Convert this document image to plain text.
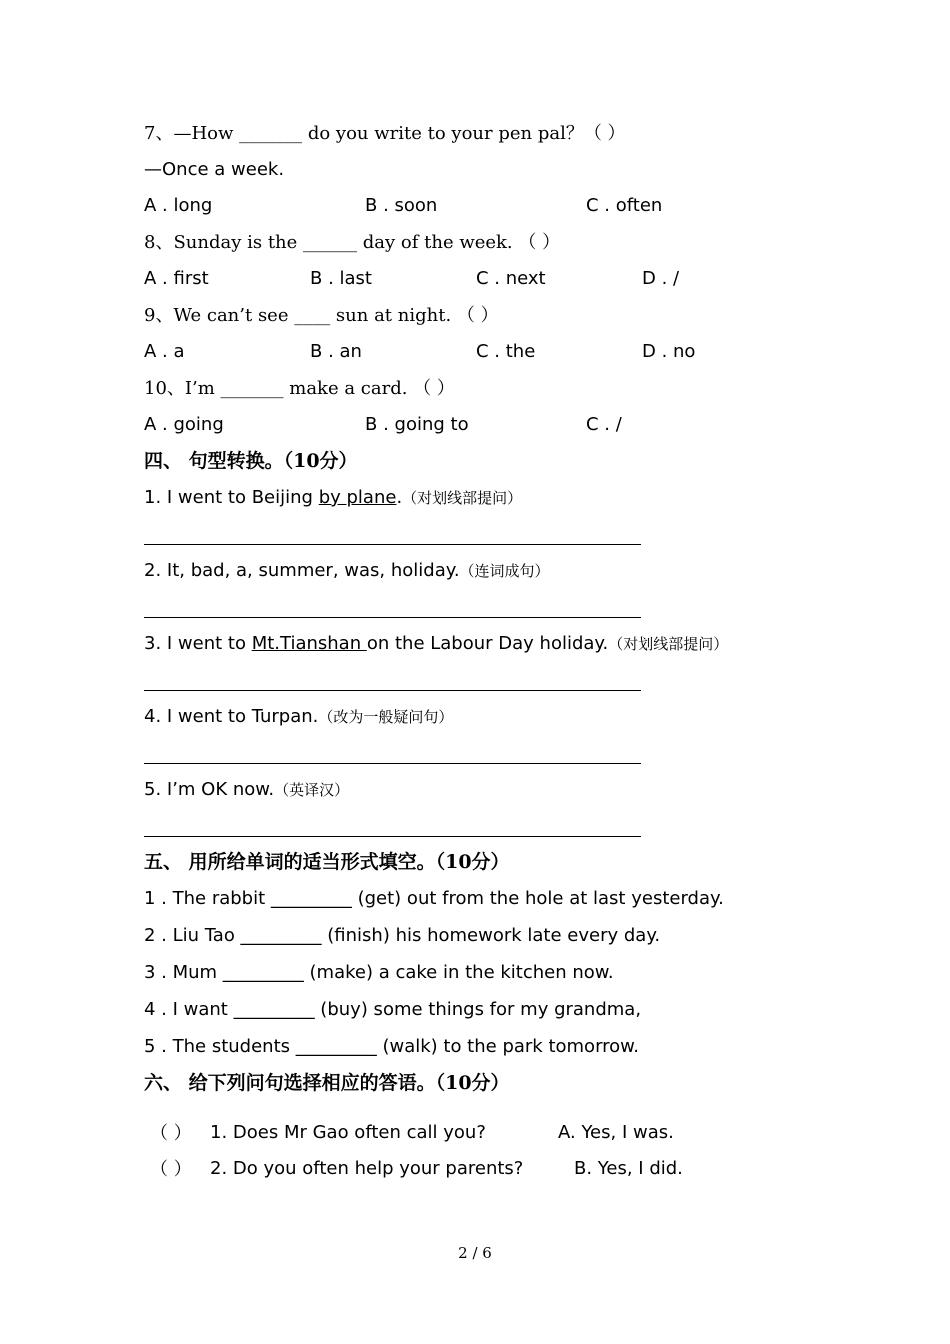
7、—How _______ do you write to your pen pal？（ ）
—Once a week.
A . long	B . soon	C . often
8、Sunday is the ______ day of the week. （ ）
A . first	B . last	C . next	D . /
9、We can’t see ____ sun at night. （ ）
A . a	B . an	C . the	D . no
10、I’m _______ make a card. （ ）
A . going	B . going to	C . /
四、 句型转换。（10分）
1. I went to Beijing by plane.（对划线部提问）
2. It, bad, a, summer, was, holiday.（连词成句）
3. I went to Mt.Tianshan on the Labour Day holiday.（对划线部提问）
4. I went to Turpan.（改为一般疑问句）
5. I’m OK now.（英译汉）
五、 用所给单词的适当形式填空。（10分）
1 . The rabbit _________ (get) out from the hole at last yesterday.
2 . Liu Tao _________ (finish) his homework late every day.
3 . Mum _________ (make) a cake in the kitchen now.
4 . I want _________ (buy) some things for my grandma,
5 . The students _________ (walk) to the park tomorrow.
六、 给下列问句选择相应的答语。（10分）
（ ） 1. Does Mr Gao often call you?	A. Yes, I was.
（ ） 2. Do you often help your parents?	B. Yes, I did.
2 / 6
